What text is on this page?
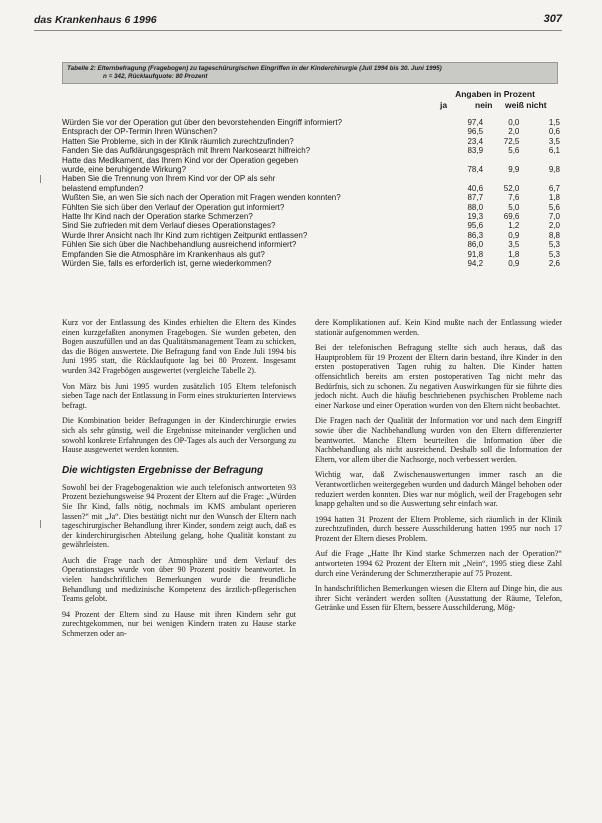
das Krankenhaus 6 1996	307
Tabelle 2: Elternbefragung (Fragebogen) zu tageschürurgischen Eingriffen in der Kinderchirurgie (Juli 1994 bis 30. Juni 1995)
n = 342, Rücklaufquote: 80 Prozent
Angaben in Prozent
ja	nein weiß nicht
Würden Sie vor der Operation gut über den bevorstehenden Eingriff informiert?	97,4	0,0	1,5
Entsprach der OP-Termin Ihren Wünschen?	96,5	2,0	0,6
Hatten Sie Probleme, sich in der Klinik räumlich zurechtzufinden?	23,4	72,5	3,5
Fanden Sie das Aufklärungsgespräch mit Ihrem Narkosearzt hilfreich?	83,9	5,6	6,1
Hatte das Medikament, das Ihrem Kind vor der Operation gegeben			
wurde, eine beruhigende Wirkung?	78,4	9,9	9,8
Haben Sie die Trennung von Ihrem Kind vor der OP als sehr			
belastend empfunden?	40,6	52,0	6,7
Wußten Sie, an wen Sie sich nach der Operation mit Fragen wenden konnten?	87,7	7,6	1,8
Fühlten Sie sich über den Verlauf der Operation gut informiert?	88,0	5,0	5,6
Hatte Ihr Kind nach der Operation starke Schmerzen?	19,3	69,6	7,0
Sind Sie zufrieden mit dem Verlauf dieses Operationstages?	95,6	1,2	2,0
Wurde Ihrer Ansicht nach Ihr Kind zum richtigen Zeitpunkt entlassen?	86,3	0,9	8,8
Fühlen Sie sich über die Nachbehandlung ausreichend informiert?	86,0	3,5	5,3
Empfanden Sie die Atmosphäre im Krankenhaus als gut?	91,8	1,8	5,3
Würden Sie, falls es erforderlich ist, gerne wiederkommen?	94,2	0,9	2,6

Kurz vor der Entlassung des Kindes erhielten die Eltern des Kindes einen kurzgefaßten anonymen Fragebogen. Sie wurden gebeten, den Bogen auszufüllen und an das Qualitätsmanagement Team zu schicken, das die Bögen auswertete. Die Befragung fand von Ende Juli 1994 bis Juni 1995 statt, die Rücklaufquote lag bei 80 Prozent. Insgesamt wurden 342 Fragebögen ausgewertet (vergleiche Tabelle 2).

Von März bis Juni 1995 wurden zusätzlich 105 Eltern telefonisch sieben Tage nach der Entlassung in Form eines strukturierten Interviews befragt.

Die Kombination beider Befragungen in der Kinderchirurgie erwies sich als sehr günstig, weil die Ergebnisse miteinander verglichen und sowohl konkrete Erfahrungen des OP-Tages als auch der Versorgung zu Hause ausgewertet werden konnten.

Die wichtigsten Ergebnisse der Befragung

Sowohl bei der Fragebogenaktion wie auch telefonisch antworteten 93 Prozent beziehungsweise 94 Prozent der Eltern auf die Frage: „Würden Sie Ihr Kind, falls nötig, nochmals im KMS ambulant operieren lassen?“ mit „Ja“. Dies bestätigt nicht nur den Wunsch der Eltern nach tageschirurgischer Behandlung ihrer Kinder, sondern zeigt auch, daß es der kinderchirurgischen Abteilung gelang, hohe Qualität konstant zu gewährleisten.

Auch die Frage nach der Atmosphäre und dem Verlauf des Operationstages wurde von über 90 Prozent positiv beantwortet. In vielen handschriftlichen Bemerkungen wurde die freundliche Behandlung und medizinische Kompetenz des ärztlich-pflegerischen Teams gelobt.

94 Prozent der Eltern sind zu Hause mit ihren Kindern sehr gut zurechtgekommen, nur bei wenigen Kindern traten zu Hause starke Schmerzen oder an-

dere Komplikationen auf. Kein Kind mußte nach der Entlassung wieder stationär aufgenommen werden.

Bei der telefonischen Befragung stellte sich auch heraus, daß das Hauptproblem für 19 Prozent der Eltern darin bestand, ihre Kinder in den ersten postoperativen Tagen ruhig zu halten. Die Kinder hatten offensichtlich bereits am ersten postoperativen Tag nicht mehr das Bedürfnis, sich zu schonen. Zu negativen Auswirkungen für sie führte dies jedoch nicht. Auch die häufig beschriebenen psychischen Probleme nach einer Narkose und einer Operation wurden von den Eltern nicht beobachtet.

Die Fragen nach der Qualität der Information vor und nach dem Eingriff sowie über die Nachbehandlung wurden von den Eltern differenzierter beantwortet. Manche Eltern beurteilten die Information über die Nachbehandlung als nicht ausreichend. Deshalb soll die Information der Eltern, vor allem über die Nachsorge, noch verbessert werden.

Wichtig war, daß Zwischenauswertungen immer rasch an die Verantwortlichen weitergegeben wurden und dadurch Mängel behoben oder reduziert werden konnten. Dies war nur möglich, weil der Fragebogen sehr knapp gehalten und so die Auswertung sehr einfach war.

1994 hatten 31 Prozent der Eltern Probleme, sich räumlich in der Klinik zurechtzufinden, durch bessere Ausschilderung hatten 1995 nur noch 17 Prozent der Eltern dieses Problem.

Auf die Frage „Hatte Ihr Kind starke Schmerzen nach der Operation?“ antworteten 1994 62 Prozent der Eltern mit „Nein“, 1995 stieg diese Zahl durch eine Veränderung der Schmerztherapie auf 75 Prozent.

In handschriftlichen Bemerkungen wiesen die Eltern auf Dinge hin, die aus ihrer Sicht verändert werden sollten (Ausstattung der Räume, Telefon, Getränke und Essen für Eltern, bessere Ausschilderung, Mög-
